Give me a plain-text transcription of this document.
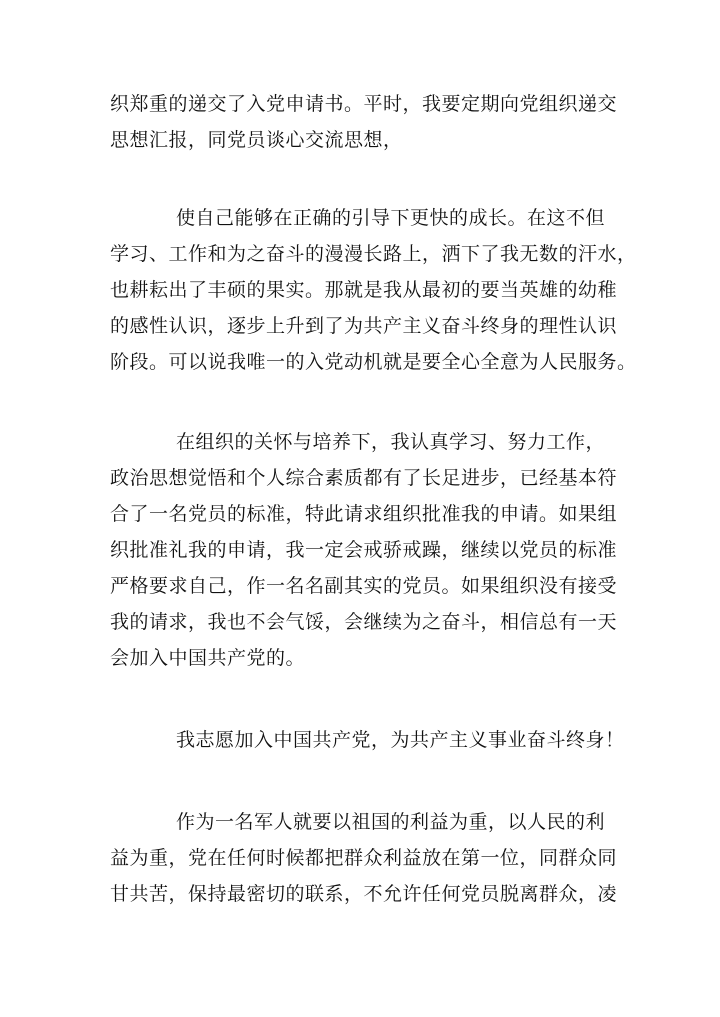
织郑重的递交了入党申请书。平时，我要定期向党组织递交
思想汇报，同党员谈心交流思想，

使自己能够在正确的引导下更快的成长。在这不但
学习、工作和为之奋斗的漫漫长路上，洒下了我无数的汗水，
也耕耘出了丰硕的果实。那就是我从最初的要当英雄的幼稚
的感性认识，逐步上升到了为共产主义奋斗终身的理性认识
阶段。可以说我唯一的入党动机就是要全心全意为人民服务。

在组织的关怀与培养下，我认真学习、努力工作，
政治思想觉悟和个人综合素质都有了长足进步，已经基本符
合了一名党员的标准，特此请求组织批准我的申请。如果组
织批准礼我的申请，我一定会戒骄戒躁，继续以党员的标准
严格要求自己，作一名名副其实的党员。如果组织没有接受
我的请求，我也不会气馁，会继续为之奋斗，相信总有一天
会加入中国共产党的。

我志愿加入中国共产党，为共产主义事业奋斗终身！

作为一名军人就要以祖国的利益为重，以人民的利
益为重，党在任何时候都把群众利益放在第一位，同群众同
甘共苦，保持最密切的联系，不允许任何党员脱离群众，凌
